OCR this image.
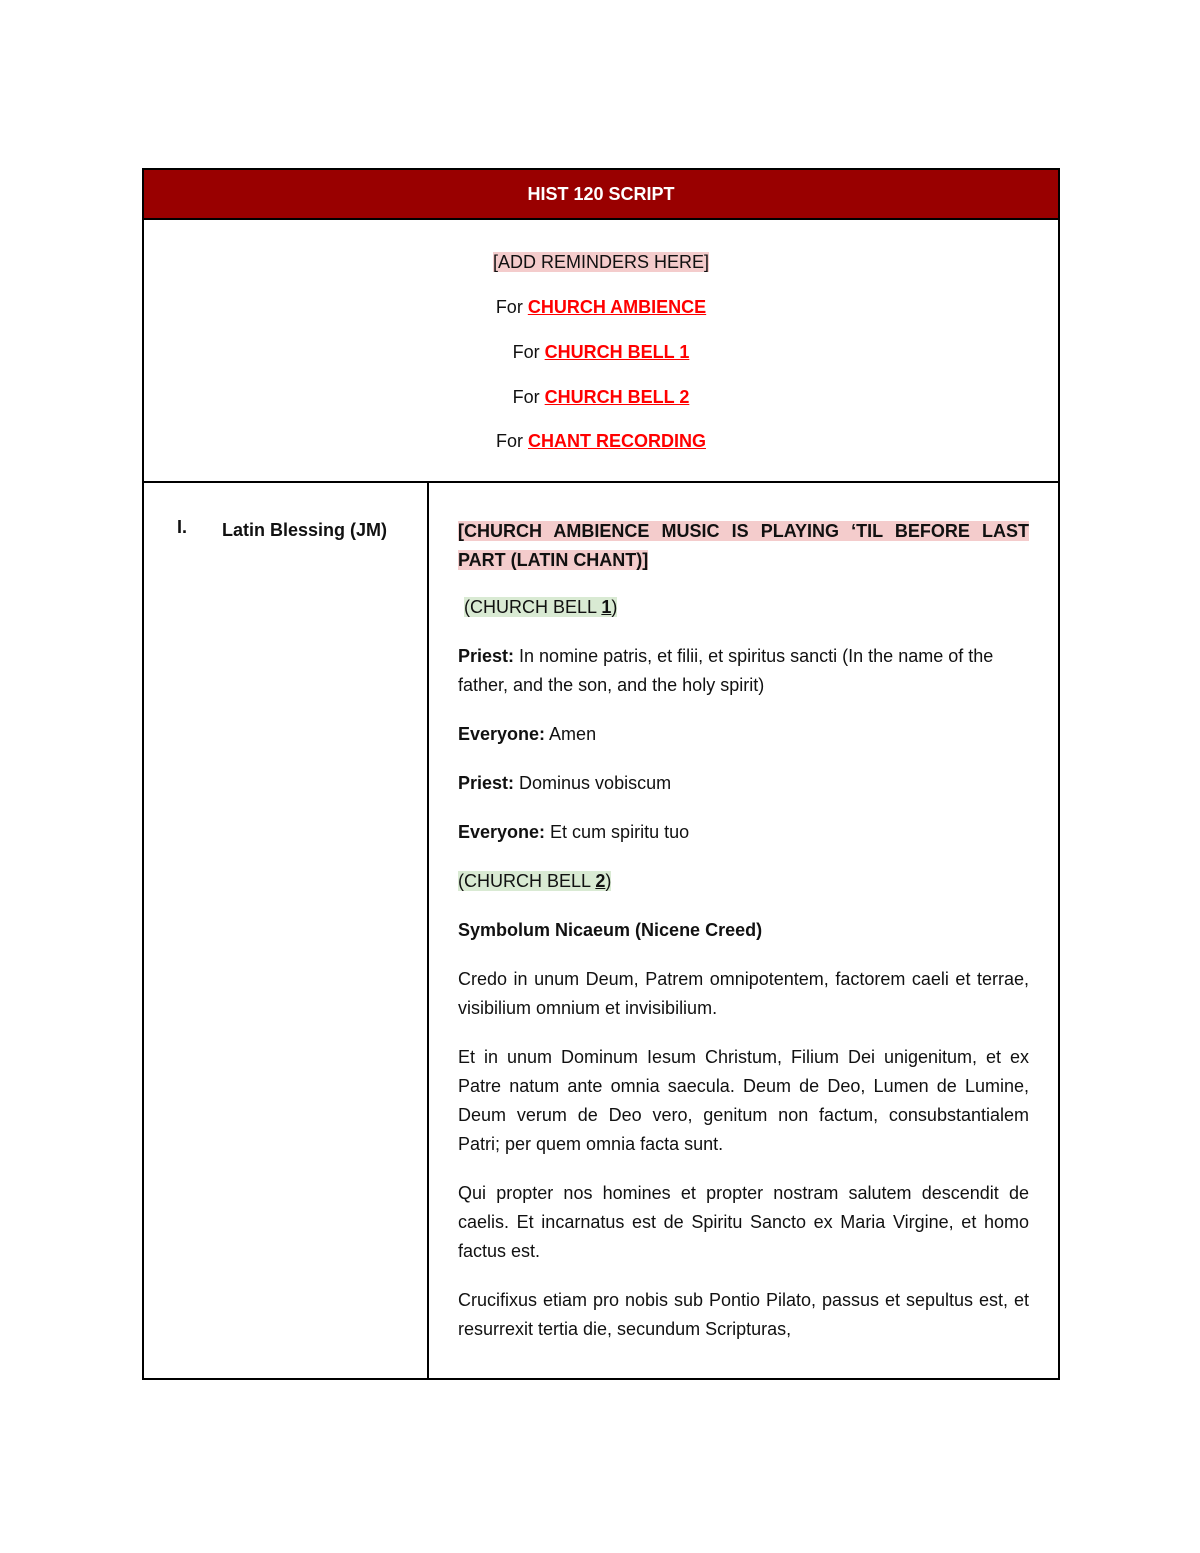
HIST 120 SCRIPT

[ADD REMINDERS HERE]

For CHURCH AMBIENCE

For CHURCH BELL 1

For CHURCH BELL 2

For CHANT RECORDING

I. Latin Blessing (JM)	[CHURCH AMBIENCE MUSIC IS PLAYING ‘TIL BEFORE LAST PART (LATIN CHANT)]

(CHURCH BELL 1)

Priest: In nomine patris, et filii, et spiritus sancti (In the name of the father, and the son, and the holy spirit)

Everyone: Amen

Priest: Dominus vobiscum

Everyone: Et cum spiritu tuo

(CHURCH BELL 2)

Symbolum Nicaeum (Nicene Creed)

Credo in unum Deum, Patrem omnipotentem, factorem caeli et terrae, visibilium omnium et invisibilium.

Et in unum Dominum Iesum Christum, Filium Dei unigenitum, et ex Patre natum ante omnia saecula. Deum de Deo, Lumen de Lumine, Deum verum de Deo vero, genitum non factum, consubstantialem Patri; per quem omnia facta sunt.

Qui propter nos homines et propter nostram salutem descendit de caelis. Et incarnatus est de Spiritu Sancto ex Maria Virgine, et homo factus est.

Crucifixus etiam pro nobis sub Pontio Pilato, passus et sepultus est, et resurrexit tertia die, secundum Scripturas,
